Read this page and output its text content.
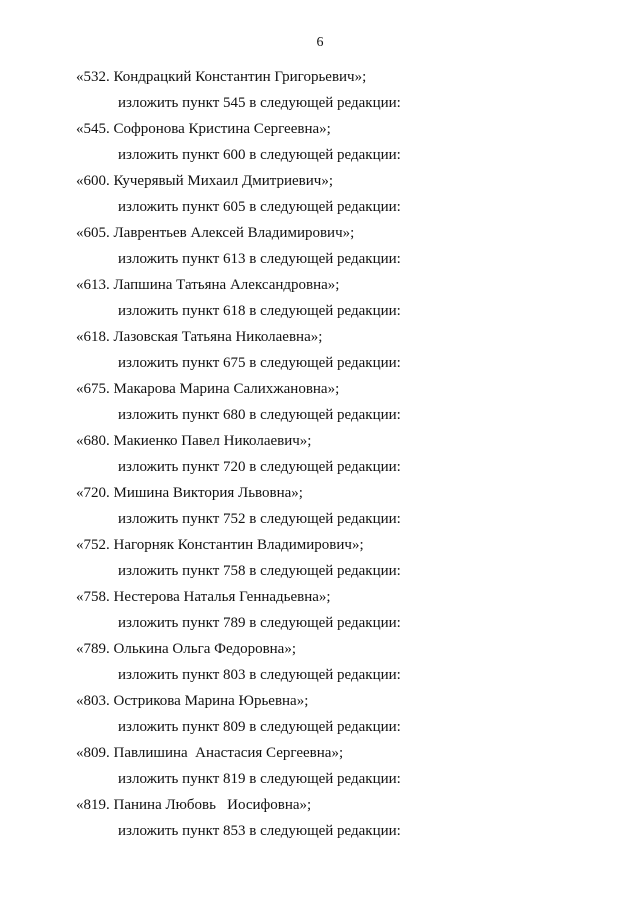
6
«532. Кондрацкий Константин Григорьевич»;
изложить пункт 545 в следующей редакции:
«545. Софронова Кристина Сергеевна»;
изложить пункт 600 в следующей редакции:
«600. Кучерявый Михаил Дмитриевич»;
изложить пункт 605 в следующей редакции:
«605. Лаврентьев Алексей Владимирович»;
изложить пункт 613 в следующей редакции:
«613. Лапшина Татьяна Александровна»;
изложить пункт 618 в следующей редакции:
«618. Лазовская Татьяна Николаевна»;
изложить пункт 675 в следующей редакции:
«675. Макарова Марина Салихжановна»;
изложить пункт 680 в следующей редакции:
«680. Макиенко Павел Николаевич»;
изложить пункт 720 в следующей редакции:
«720. Мишина Виктория Львовна»;
изложить пункт 752 в следующей редакции:
«752. Нагорняк Константин Владимирович»;
изложить пункт 758 в следующей редакции:
«758. Нестерова Наталья Геннадьевна»;
изложить пункт 789 в следующей редакции:
«789. Олькина Ольга Федоровна»;
изложить пункт 803 в следующей редакции:
«803. Острикова Марина Юрьевна»;
изложить пункт 809 в следующей редакции:
«809. Павлишина  Анастасия Сергеевна»;
изложить пункт 819 в следующей редакции:
«819. Панина Любовь   Иосифовна»;
изложить пункт 853 в следующей редакции:
